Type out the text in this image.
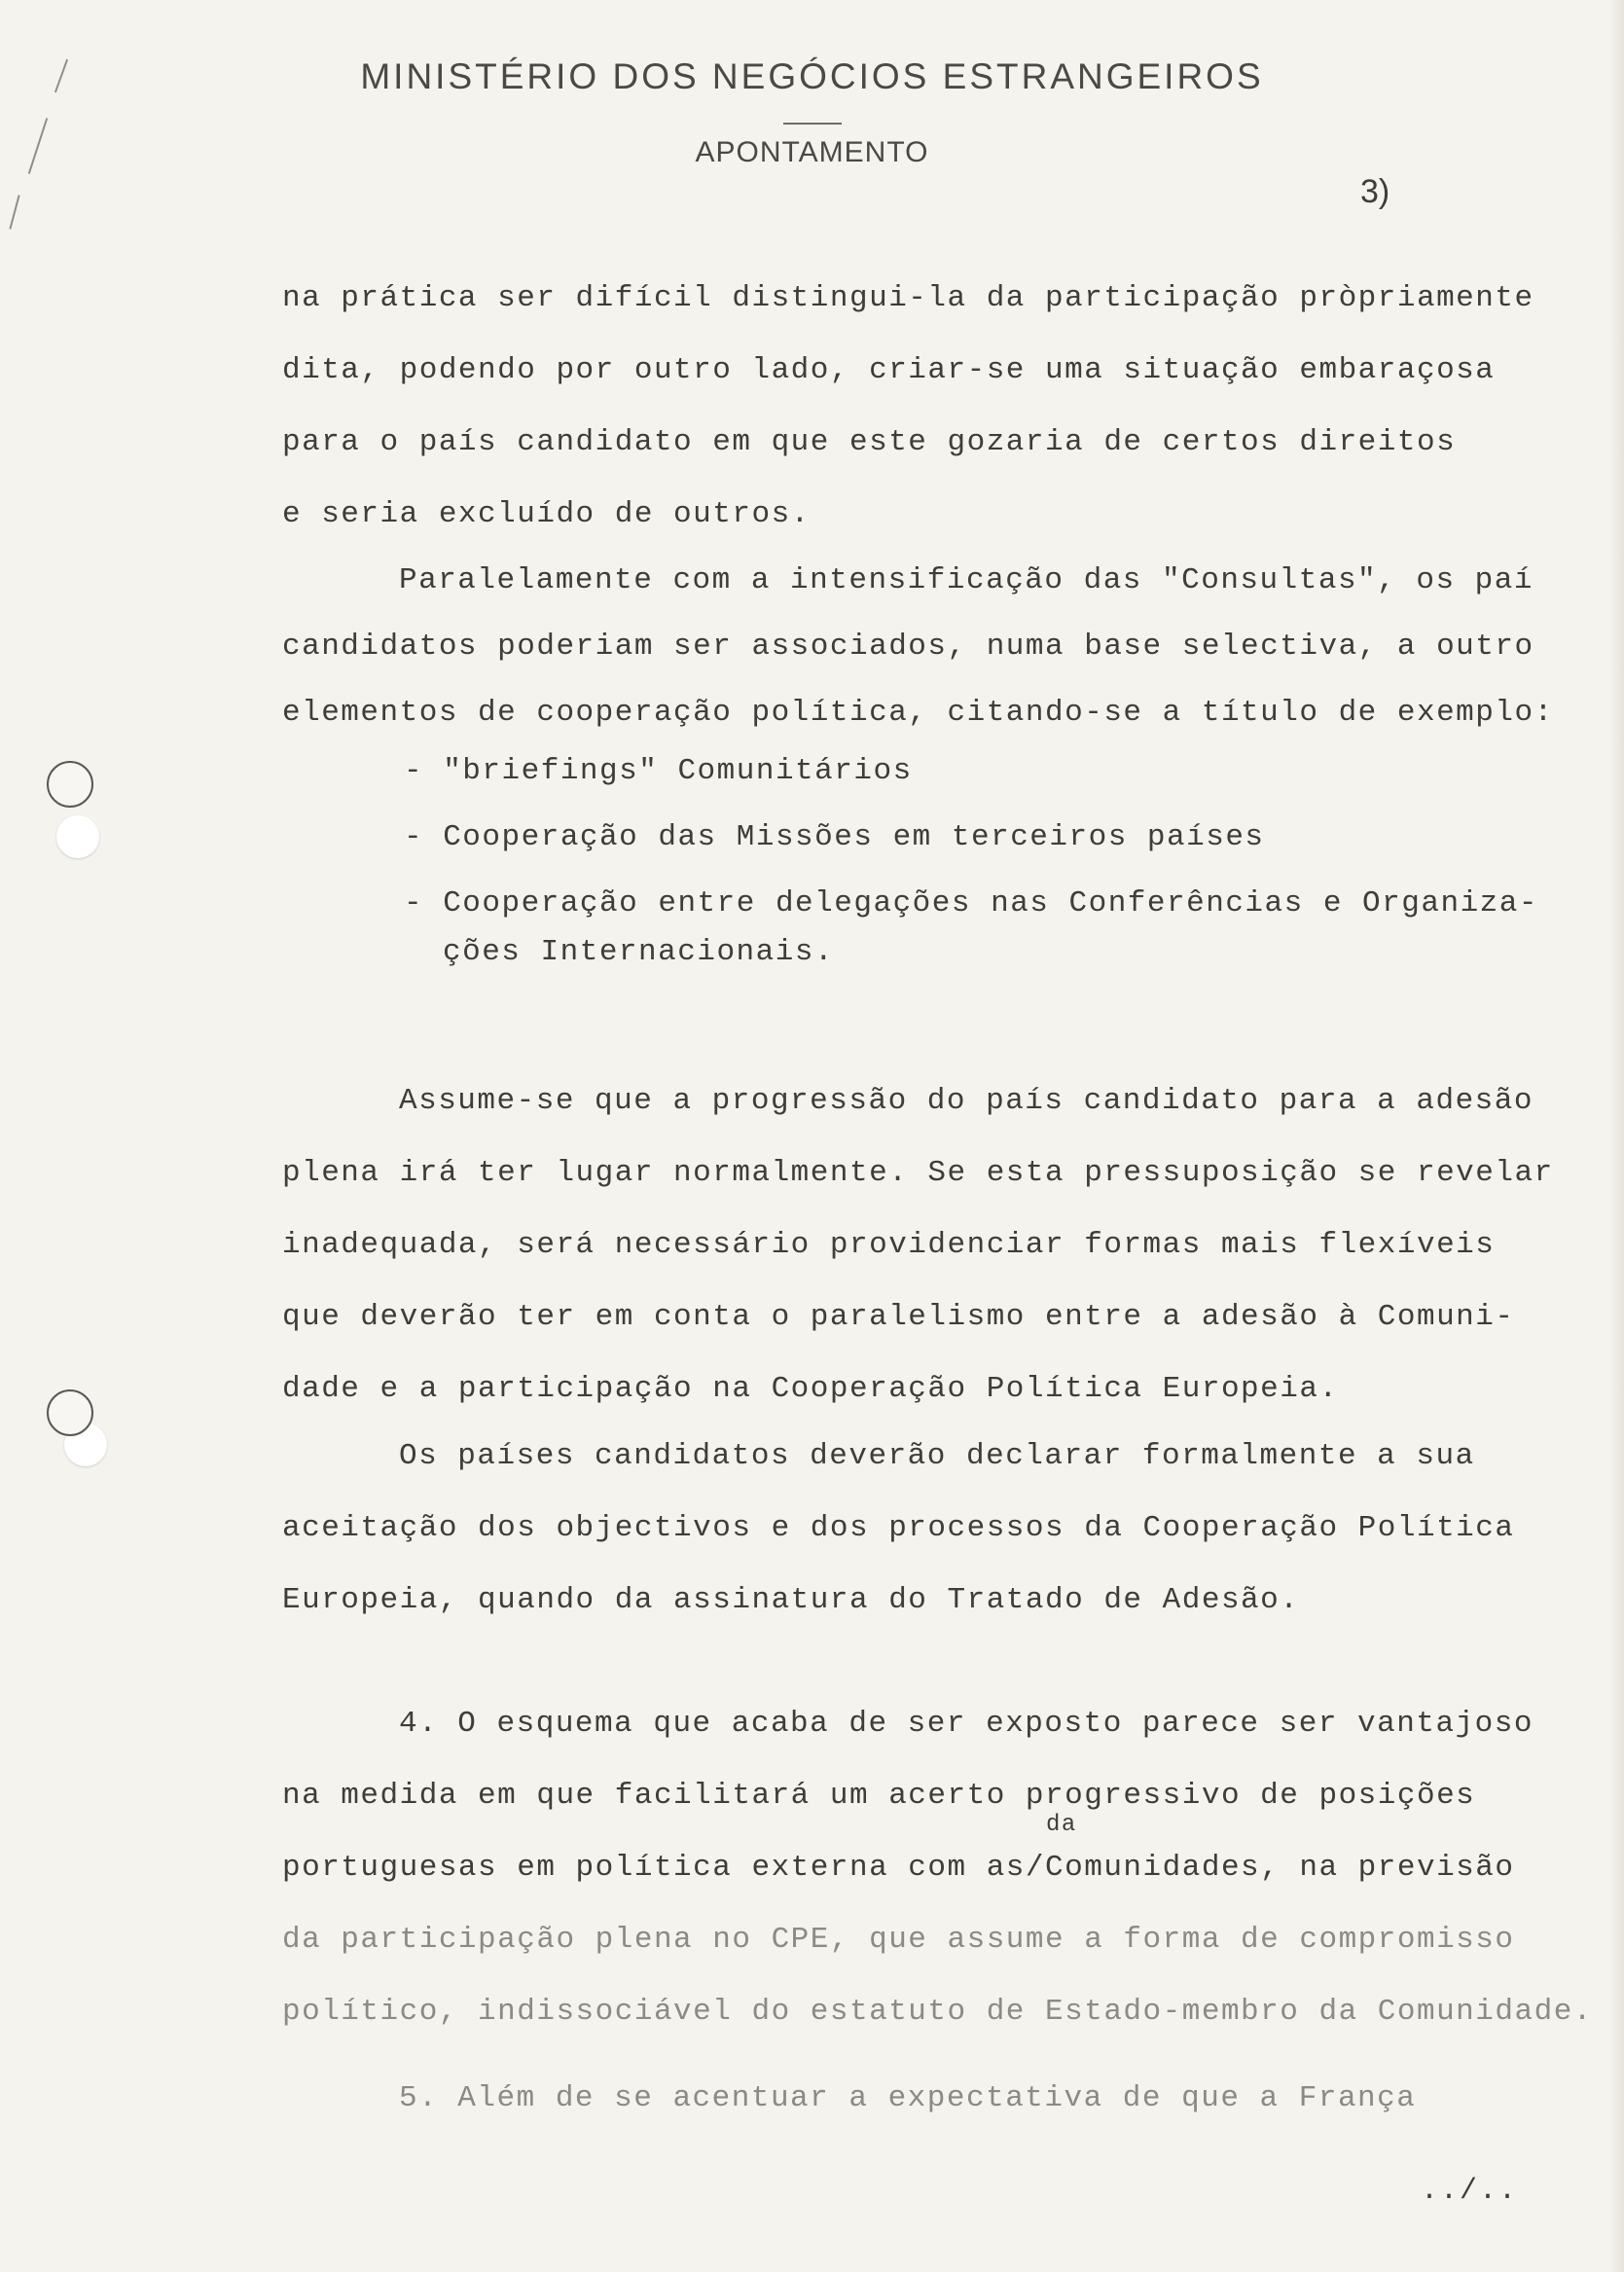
MINISTÉRIO DOS NEGÓCIOS ESTRANGEIROS
APONTAMENTO
3)
na prática ser difícil distingui-la da participação pròpriamente
dita, podendo por outro lado, criar-se uma situação embaraçosa
para o país candidato em que este gozaria de certos direitos
e seria excluído de outros.
Paralelamente com a intensificação das "Consultas", os paí
candidatos poderiam ser associados, numa base selectiva, a outro
elementos de cooperação política, citando-se a título de exemplo:
- "briefings" Comunitários
- Cooperação das Missões em terceiros países
- Cooperação entre delegações nas Conferências e Organiza-
ções Internacionais.
Assume-se que a progressão do país candidato para a adesão
plena irá ter lugar normalmente. Se esta pressuposição se revelar
inadequada, será necessário providenciar formas mais flexíveis
que deverão ter em conta o paralelismo entre a adesão à Comuni-
dade e a participação na Cooperação Política Europeia.
Os países candidatos deverão declarar formalmente a sua
aceitação dos objectivos e dos processos da Cooperação Política
Europeia, quando da assinatura do Tratado de Adesão.
4. O esquema que acaba de ser exposto parece ser vantajoso
na medida em que facilitará um acerto progressivo de posições
da
portuguesas em política externa com as/Comunidades, na previsão
da participação plena no CPE, que assume a forma de compromisso
político, indissociável do estatuto de Estado-membro da Comunidade.
5. Além de se acentuar a expectativa de que a França
../..
